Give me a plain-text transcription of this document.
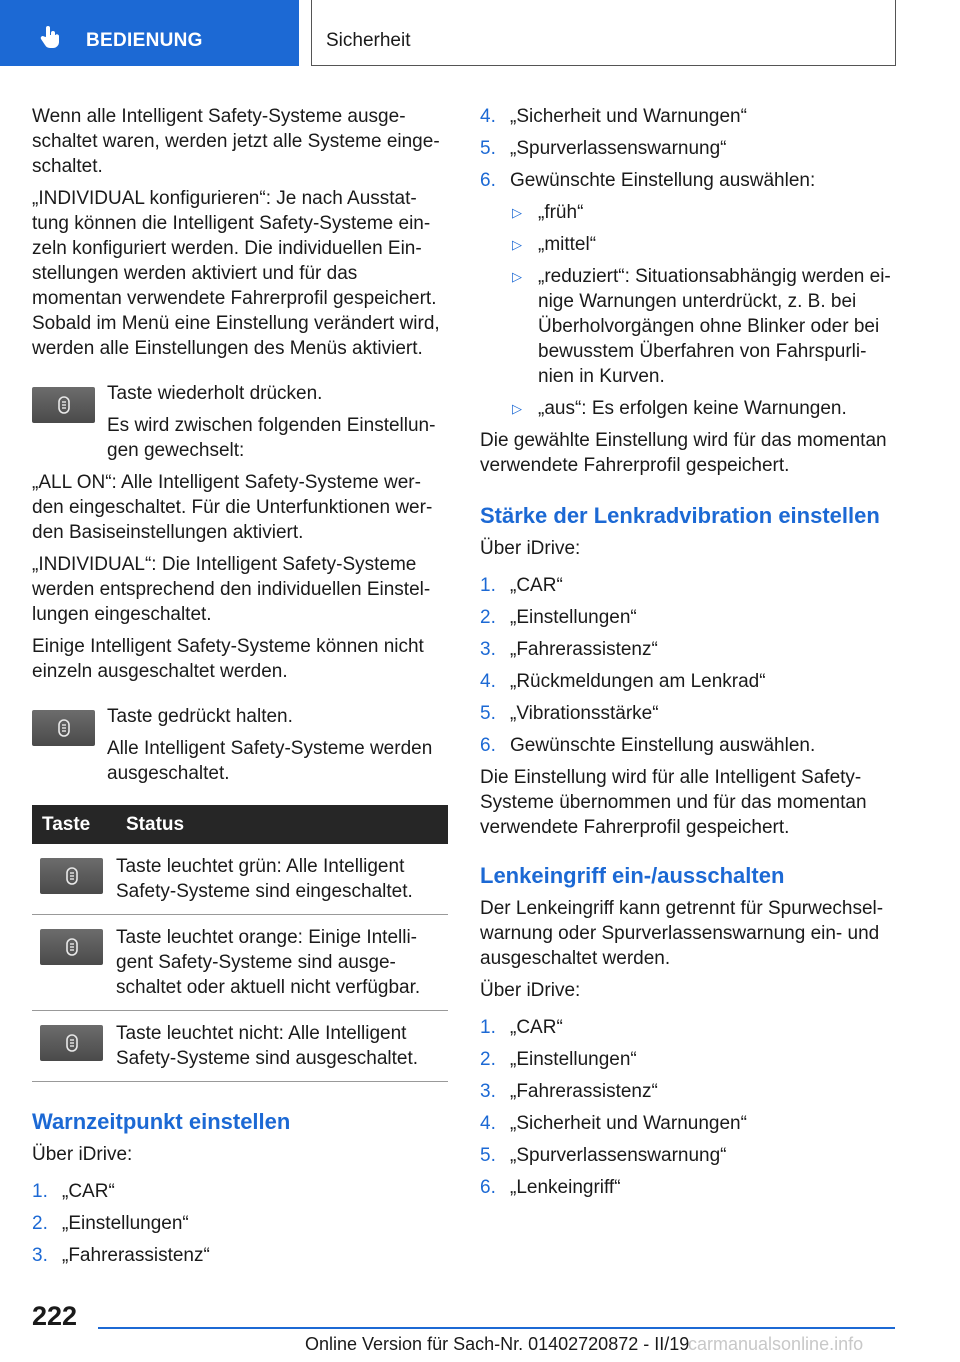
BEDIENUNG	Sicherheit

Wenn alle Intelligent Safety-Systeme ausge-schaltet waren, werden jetzt alle Systeme einge-schaltet.

„INDIVIDUAL konfigurieren“: Je nach Ausstat-tung können die Intelligent Safety-Systeme ein-zeln konfiguriert werden. Die individuellen Ein-stellungen werden aktiviert und für das momentan verwendete Fahrerprofil gespeichert. Sobald im Menü eine Einstellung verändert wird, werden alle Einstellungen des Menüs aktiviert.

Taste wiederholt drücken.

Es wird zwischen folgenden Einstellun-gen gewechselt:

„ALL ON“: Alle Intelligent Safety-Systeme wer-den eingeschaltet. Für die Unterfunktionen wer-den Basiseinstellungen aktiviert.

„INDIVIDUAL“: Die Intelligent Safety-Systeme werden entsprechend den individuellen Einstel-lungen eingeschaltet.

Einige Intelligent Safety-Systeme können nicht einzeln ausgeschaltet werden.

Taste gedrückt halten.

Alle Intelligent Safety-Systeme werden ausgeschaltet.

Taste	Status

	Taste leuchtet grün: Alle Intelligent Safety-Systeme sind eingeschaltet.

	Taste leuchtet orange: Einige Intelli-gent Safety-Systeme sind ausge-schaltet oder aktuell nicht verfügbar.

	Taste leuchtet nicht: Alle Intelligent Safety-Systeme sind ausgeschaltet.
Warnzeitpunkt einstellen

Über iDrive:

1. „CAR“
2. „Einstellungen“
3. „Fahrerassistenz“
4. „Sicherheit und Warnungen“
5. „Spurverlassenswarnung“
6. Gewünschte Einstellung auswählen:
▷ „früh“
▷ „mittel“
▷ „reduziert“: Situationsabhängig werden ei-nige Warnungen unterdrückt, z. B. bei Überholvorgängen ohne Blinker oder bei bewusstem Überfahren von Fahrspurli-nien in Kurven.
▷ „aus“: Es erfolgen keine Warnungen.

Die gewählte Einstellung wird für das momentan verwendete Fahrerprofil gespeichert.

Stärke der Lenkradvibration einstellen

Über iDrive:

1. „CAR“
2. „Einstellungen“
3. „Fahrerassistenz“
4. „Rückmeldungen am Lenkrad“
5. „Vibrationsstärke“
6. Gewünschte Einstellung auswählen.

Die Einstellung wird für alle Intelligent Safety-Systeme übernommen und für das momentan verwendete Fahrerprofil gespeichert.

Lenkeingriff ein-/ausschalten

Der Lenkeingriff kann getrennt für Spurwechsel-warnung oder Spurverlassenswarnung ein- und ausgeschaltet werden.

Über iDrive:

1. „CAR“
2. „Einstellungen“
3. „Fahrerassistenz“
4. „Sicherheit und Warnungen“
5. „Spurverlassenswarnung“
6. „Lenkeingriff“
222
Online Version für Sach-Nr. 01402720872 - II/19
carmanualsonline.info
